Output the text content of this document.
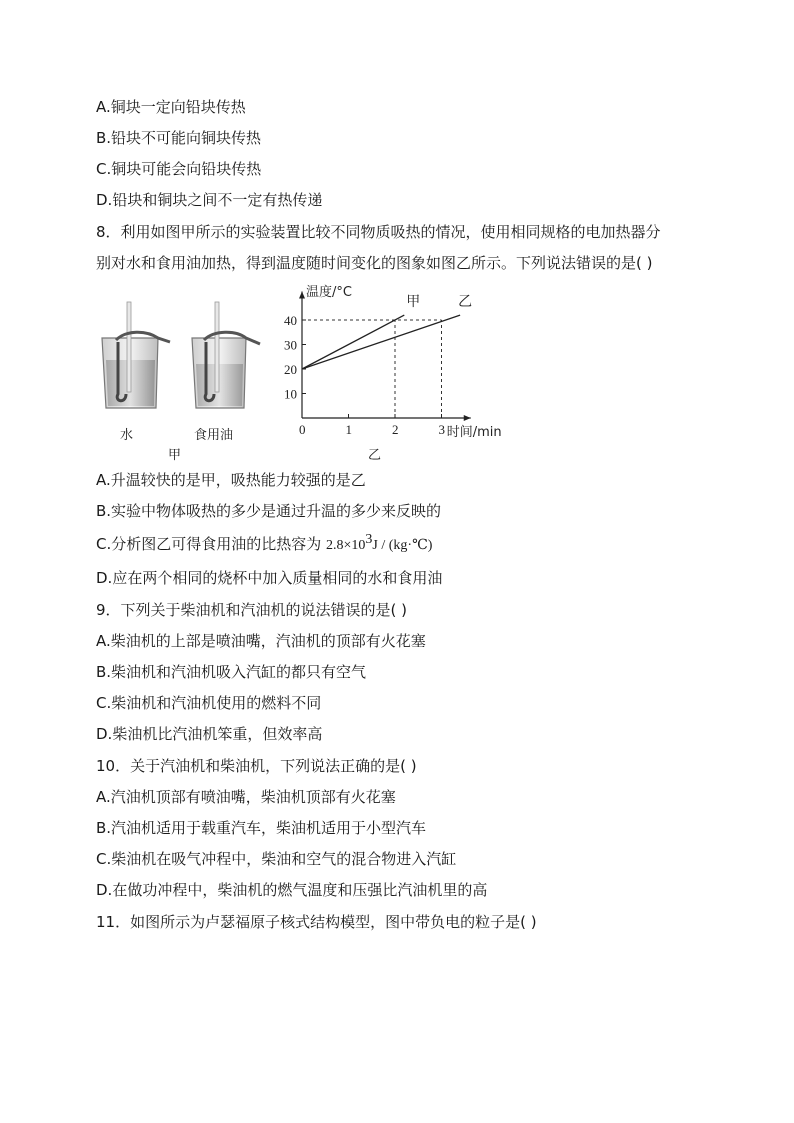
A.铜块一定向铅块传热
B.铅块不可能向铜块传热
C.铜块可能会向铅块传热
D.铅块和铜块之间不一定有热传递
8．利用如图甲所示的实验装置比较不同物质吸热的情况，使用相同规格的电加热器分
别对水和食用油加热，得到温度随时间变化的图象如图乙所示。下列说法错误的是( )
水	食用油
甲
甲	乙
0	1	2	3
10
20
30
40
温度/°C
时间/min
乙
A.升温较快的是甲，吸热能力较强的是乙
B.实验中物体吸热的多少是通过升温的多少来反映的
C.分析图乙可得食用油的比热容为 $2.8\times 10^3J$ / (kg·℃)
D.应在两个相同的烧杯中加入质量相同的水和食用油
9．下列关于柴油机和汽油机的说法错误的是( )
A.柴油机的上部是喷油嘴，汽油机的顶部有火花塞
B.柴油机和汽油机吸入汽缸的都只有空气
C.柴油机和汽油机使用的燃料不同
D.柴油机比汽油机笨重，但效率高
10．关于汽油机和柴油机，下列说法正确的是( )
A.汽油机顶部有喷油嘴，柴油机顶部有火花塞
B.汽油机适用于载重汽车，柴油机适用于小型汽车
C.柴油机在吸气冲程中，柴油和空气的混合物进入汽缸
D.在做功冲程中，柴油机的燃气温度和压强比汽油机里的高
11．如图所示为卢瑟福原子核式结构模型，图中带负电的粒子是( )
